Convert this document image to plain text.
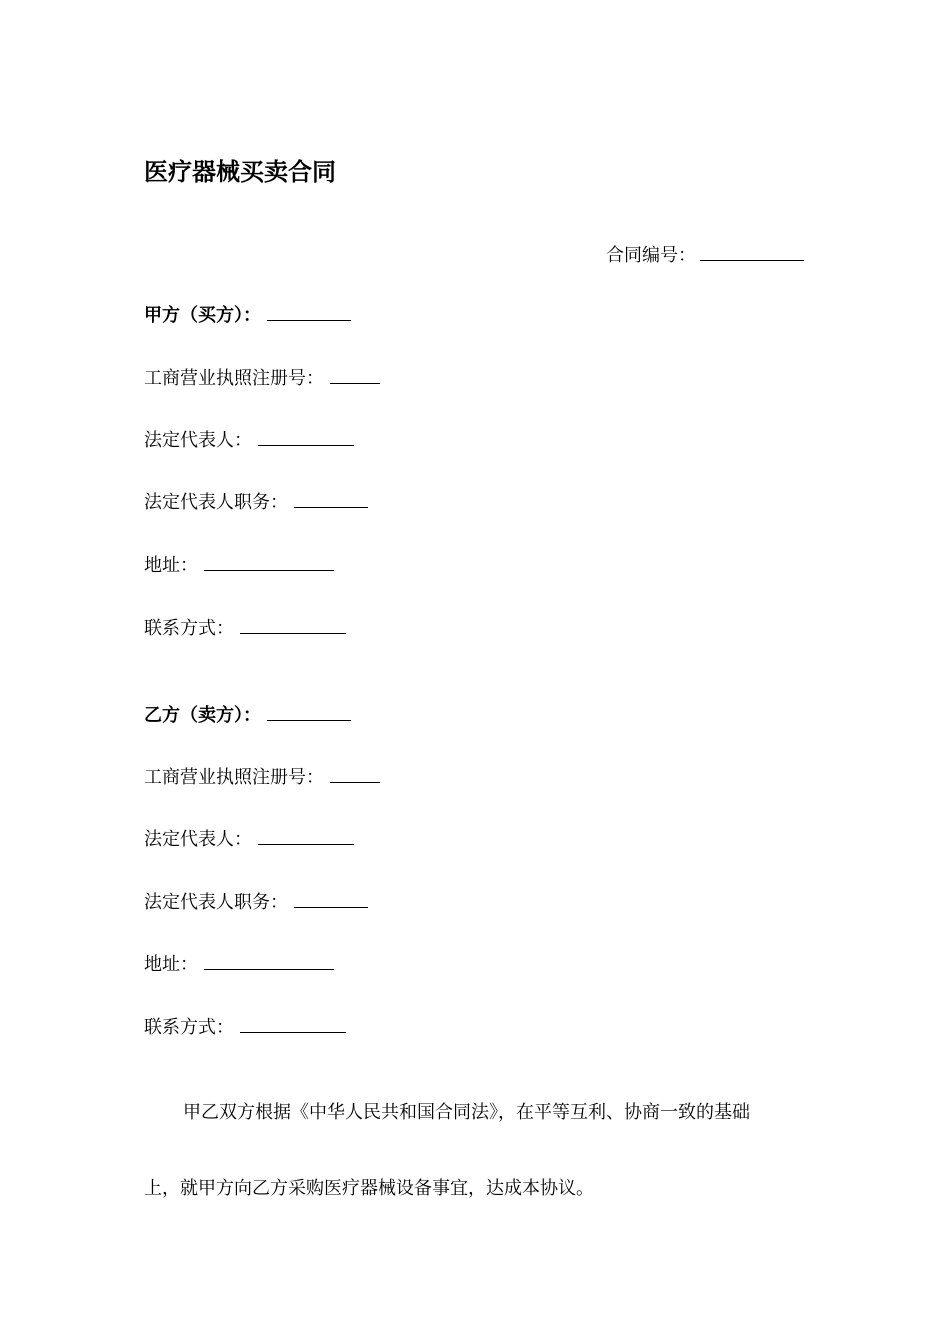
医疗器械买卖合同
合同编号：
甲方（买方）：
工商营业执照注册号：
法定代表人：
法定代表人职务：
地址：
联系方式：
乙方（卖方）：
工商营业执照注册号：
法定代表人：
法定代表人职务：
地址：
联系方式：
甲乙双方根据《中华人民共和国合同法》，在平等互利、协商一致的基础
上，就甲方向乙方采购医疗器械设备事宜，达成本协议。
